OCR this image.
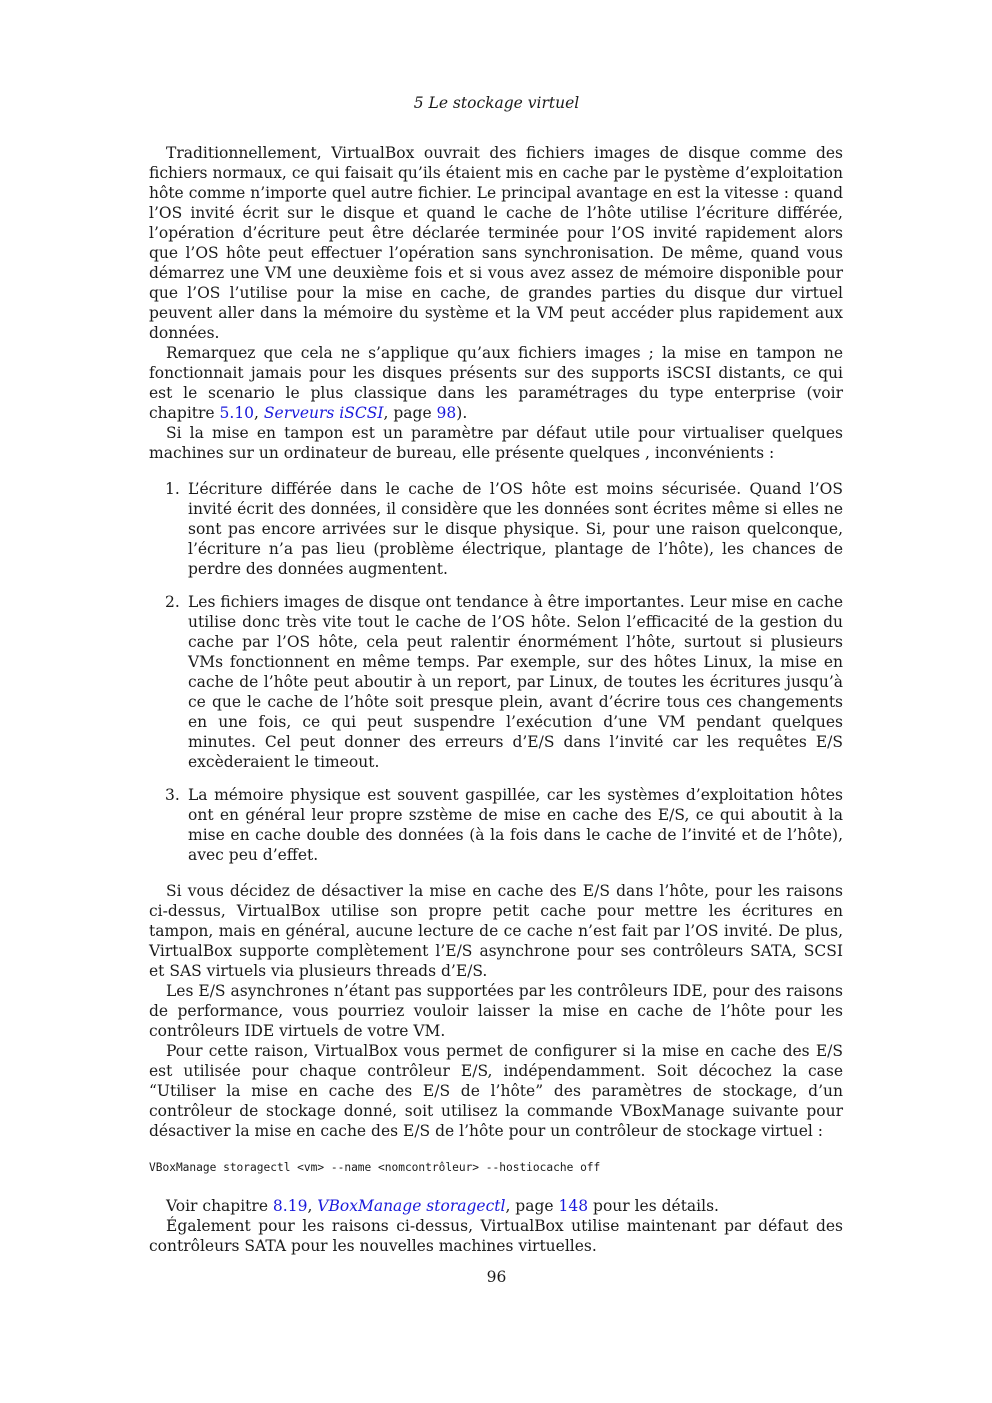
5 Le stockage virtuel

Traditionnellement, VirtualBox ouvrait des fichiers images de disque comme des fichiers normaux, ce qui faisait qu’ils étaient mis en cache par le pystème d’exploitation hôte comme n’importe quel autre fichier. Le principal avantage en est la vitesse : quand l’OS invité écrit sur le disque et quand le cache de l’hôte utilise l’écriture différée, l’opération d’écriture peut être déclarée terminée pour l’OS invité rapidement alors que l’OS hôte peut effectuer l’opération sans synchronisation. De même, quand vous démarrez une VM une deuxième fois et si vous avez assez de mémoire disponible pour que l’OS l’utilise pour la mise en cache, de grandes parties du disque dur virtuel peuvent aller dans la mémoire du système et la VM peut accéder plus rapidement aux données.

Remarquez que cela ne s’applique qu’aux fichiers images ; la mise en tampon ne fonctionnait jamais pour les disques présents sur des supports iSCSI distants, ce qui est le scenario le plus classique dans les paramétrages du type enterprise (voir chapitre 5.10, Serveurs iSCSI, page 98).

Si la mise en tampon est un paramètre par défaut utile pour virtualiser quelques machines sur un ordinateur de bureau, elle présente quelques , inconvénients :

1. L’écriture différée dans le cache de l’OS hôte est moins sécurisée. Quand l’OS invité écrit des données, il considère que les données sont écrites même si elles ne sont pas encore arrivées sur le disque physique. Si, pour une raison quelconque, l’écriture n’a pas lieu (problème électrique, plantage de l’hôte), les chances de perdre des données augmentent.
2. Les fichiers images de disque ont tendance à être importantes. Leur mise en cache utilise donc très vite tout le cache de l’OS hôte. Selon l’efficacité de la gestion du cache par l’OS hôte, cela peut ralentir énormément l’hôte, surtout si plusieurs VMs fonctionnent en même temps. Par exemple, sur des hôtes Linux, la mise en cache de l’hôte peut aboutir à un report, par Linux, de toutes les écritures jusqu’à ce que le cache de l’hôte soit presque plein, avant d’écrire tous ces changements en une fois, ce qui peut suspendre l’exécution d’une VM pendant quelques minutes. Cel peut donner des erreurs d’E/S dans l’invité car les requêtes E/S excèderaient le timeout.
3. La mémoire physique est souvent gaspillée, car les systèmes d’exploitation hôtes ont en général leur propre szstème de mise en cache des E/S, ce qui aboutit à la mise en cache double des données (à la fois dans le cache de l’invité et de l’hôte), avec peu d’effet.

Si vous décidez de désactiver la mise en cache des E/S dans l’hôte, pour les raisons ci-dessus, VirtualBox utilise son propre petit cache pour mettre les écritures en tampon, mais en général, aucune lecture de ce cache n’est fait par l’OS invité. De plus, VirtualBox supporte complètement l’E/S asynchrone pour ses contrôleurs SATA, SCSI et SAS virtuels via plusieurs threads d’E/S.

Les E/S asynchrones n’étant pas supportées par les contrôleurs IDE, pour des raisons de performance, vous pourriez vouloir laisser la mise en cache de l’hôte pour les contrôleurs IDE virtuels de votre VM.

Pour cette raison, VirtualBox vous permet de configurer si la mise en cache des E/S est utilisée pour chaque contrôleur E/S, indépendamment. Soit décochez la case “Utiliser la mise en cache des E/S de l’hôte” des paramètres de stockage, d’un contrôleur de stockage donné, soit utilisez la commande VBoxManage suivante pour désactiver la mise en cache des E/S de l’hôte pour un contrôleur de stockage virtuel :

VBoxManage storagectl <vm> --name <nomcontrôleur> --hostiocache off

Voir chapitre 8.19, VBoxManage storagectl, page 148 pour les détails.

Également pour les raisons ci-dessus, VirtualBox utilise maintenant par défaut des contrôleurs SATA pour les nouvelles machines virtuelles.

96
